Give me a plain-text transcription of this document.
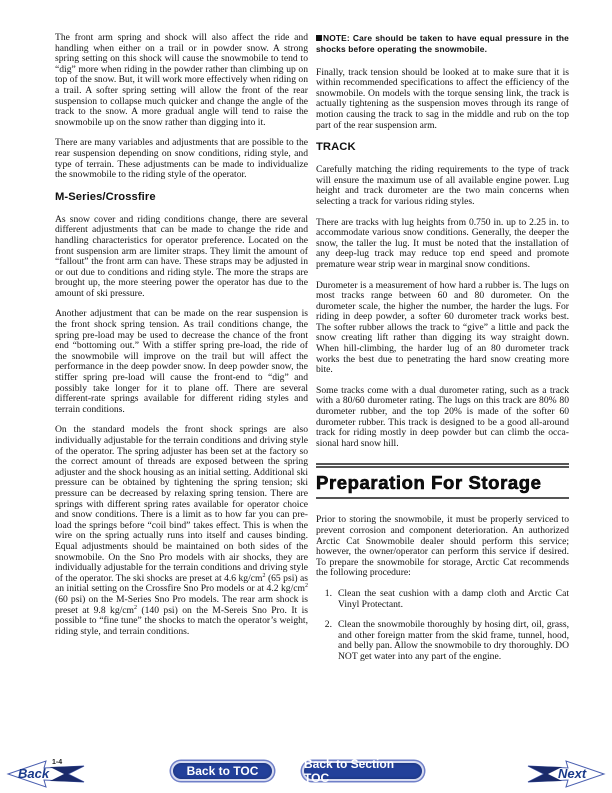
The front arm spring and shock will also affect the ride and handling when either on a trail or in powder snow. A strong spring setting on this shock will cause the snowmobile to tend to “dig” more when riding in the powder rather than climbing up on top of the snow. But, it will work more effectively when riding on a trail. A softer spring setting will allow the front of the rear suspension to collapse much quicker and change the angle of the track to the snow. A more gradual angle will tend to raise the snowmobile up on the snow rather than digging into it.

There are many variables and adjustments that are possible to the rear suspension depending on snow conditions, riding style, and type of terrain. These adjustments can be made to individualize the snowmobile to the riding style of the operator.

M-Series/Crossfire

As snow cover and riding conditions change, there are several different adjustments that can be made to change the ride and handling characteristics for operator preference. Located on the front suspension arm are limiter straps. They limit the amount of “fallout” the front arm can have. These straps may be adjusted in or out due to conditions and riding style. The more the straps are brought up, the more steering power the operator has due to the amount of ski pressure.

Another adjustment that can be made on the rear suspension is the front shock spring tension. As trail conditions change, the spring pre-load may be used to decrease the chance of the front end “bottoming out.” With a stiffer spring pre-load, the ride of the snowmobile will improve on the trail but will affect the performance in the deep powder snow. In deep powder snow, the stiffer spring pre-load will cause the front-end to “dig” and possibly take longer for it to plane off. There are several different-rate springs available for different riding styles and terrain conditions.

On the standard models the front shock springs are also individually adjustable for the terrain conditions and driving style of the operator. The spring adjuster has been set at the factory so the correct amount of threads are exposed between the spring adjuster and the shock housing as an initial setting. Additional ski pressure can be obtained by tightening the spring tension; ski pressure can be decreased by relaxing spring tension. There are springs with different spring rates available for operator choice and snow conditions. There is a limit as to how far you can pre-load the springs before “coil bind” takes effect. This is when the wire on the spring actually runs into itself and causes binding. Equal adjustments should be maintained on both sides of the snowmobile. On the Sno Pro models with air shocks, they are individually adjustable for the terrain conditions and driving style of the operator. The ski shocks are preset at 4.6 $kg/cm^2$ (65 psi) as an initial setting on the Crossfire Sno Pro models or at 4.2 $kg/cm^2$ (60 psi) on the M-Series Sno Pro models. The rear arm shock is preset at 9.8 $kg/cm^2$ (140 psi) on the M-Sereis Sno Pro. It is possible to “fine tune” the shocks to match the operator’s weight, riding style, and terrain conditions.

NOTE: Care should be taken to have equal pressure in the shocks before operating the snowmobile.

Finally, track tension should be looked at to make sure that it is within recommended specifications to affect the efficiency of the snowmobile. On models with the torque sensing link, the track is actually tightening as the suspension moves through its range of motion causing the track to sag in the middle and rub on the top part of the rear suspension arm.

TRACK

Carefully matching the riding requirements to the type of track will ensure the maximum use of all available engine power. Lug height and track durometer are the two main concerns when selecting a track for various riding styles.

There are tracks with lug heights from 0.750 in. up to 2.25 in. to accommodate various snow conditions. Generally, the deeper the snow, the taller the lug. It must be noted that the installation of any deep-lug track may reduce top end speed and promote premature wear strip wear in marginal snow conditions.

Durometer is a measurement of how hard a rubber is. The lugs on most tracks range between 60 and 80 durometer. On the durometer scale, the higher the number, the harder the lugs. For riding in deep powder, a softer 60 durometer track works best. The softer rubber allows the track to “give” a little and pack the snow creating lift rather than digging its way straight down. When hill-climbing, the harder lug of an 80 durometer track works the best due to penetrating the hard snow creating more bite.

Some tracks come with a dual durometer rating, such as a track with a 80/60 durometer rating. The lugs on this track are 80% 80 durometer rubber, and the top 20% is made of the softer 60 durometer rubber. This track is designed to be a good all-around track for riding mostly in deep powder but can climb the occasional hard snow hill.

Preparation For Storage

Prior to storing the snowmobile, it must be properly serviced to prevent corrosion and component deterioration. An authorized Arctic Cat Snowmobile dealer should perform this service; however, the owner/operator can perform this service if desired. To prepare the snowmobile for storage, Arctic Cat recommends the following procedure:

1. Clean the seat cushion with a damp cloth and Arctic Cat Vinyl Protectant.
2. Clean the snowmobile thoroughly by hosing dirt, oil, grass, and other foreign matter from the skid frame, tunnel, hood, and belly pan. Allow the snowmobile to dry thoroughly. DO NOT get water into any part of the engine.
1-4
Back	Back to TOC	Back to Section TOC	Next
